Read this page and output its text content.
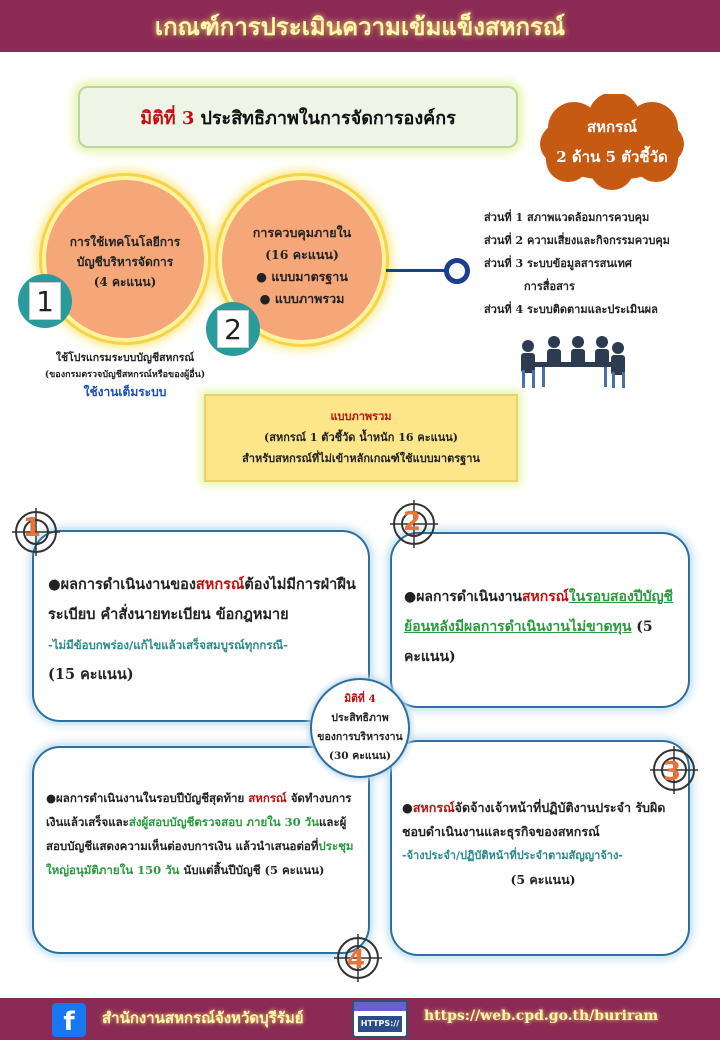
เกณฑ์การประเมินความเข้มแข็งสหกรณ์
มิติที่ 3 ประสิทธิภาพในการจัดการองค์กร	สหกรณ์
2 ด้าน 5 ตัวชี้วัด
การใช้เทคโนโลยีการ
บัญชีบริหารจัดการ
(4 คะแนน)
1
การควบคุมภายใน
(16 คะแนน)
● แบบมาตรฐาน
● แบบภาพรวม
2
ส่วนที่ 1 สภาพแวดล้อมการควบคุม
ส่วนที่ 2 ความเสี่ยงและกิจกรรมควบคุม
ส่วนที่ 3 ระบบข้อมูลสารสนเทศ
การสื่อสาร
ส่วนที่ 4 ระบบติดตามและประเมินผล
ใช้โปรแกรมระบบบัญชีสหกรณ์
(ของกรมตรวจบัญชีสหกรณ์หรือของผู้อื่น)
ใช้งานเต็มระบบ
แบบภาพรวม
(สหกรณ์ 1 ตัวชี้วัด น้ำหนัก 16 คะแนน)
สำหรับสหกรณ์ที่ไม่เข้าหลักเกณฑ์ใช้แบบมาตรฐาน
●ผลการดำเนินงานของสหกรณ์ต้องไม่มีการฝ่าฝืนระเบียบ คำสั่งนายทะเบียน ข้อกฎหมาย
-ไม่มีข้อบกพร่อง/แก้ไขแล้วเสร็จสมบูรณ์ทุกกรณี-
(15 คะแนน)
●ผลการดำเนินงานสหกรณ์ในรอบสองปีบัญชีย้อนหลังมีผลการดำเนินงานไม่ขาดทุน (5 คะแนน)
●ผลการดำเนินงานในรอบปีบัญชีสุดท้าย สหกรณ์ จัดทำงบการเงินแล้วเสร็จและส่งผู้สอบบัญชีตรวจสอบ ภายใน 30 วันและผู้สอบบัญชีแสดงความเห็นต่องบการเงิน แล้วนำเสนอต่อที่ประชุมใหญ่อนุมัติภายใน 150 วัน นับแต่สิ้นปีบัญชี (5 คะแนน)
●สหกรณ์จัดจ้างเจ้าหน้าที่ปฏิบัติงานประจำ รับผิดชอบดำเนินงานและธุรกิจของสหกรณ์
-จ้างประจำ/ปฏิบัติหน้าที่ประจำตามสัญญาจ้าง-
(5 คะแนน)
มิติที่ 4
ประสิทธิภาพ
ของการบริหารงาน
(30 คะแนน)
1	2
3
4
f	สำนักงานสหกรณ์จังหวัดบุรีรัมย์	HTTPS:// https://web.cpd.go.th/buriram
